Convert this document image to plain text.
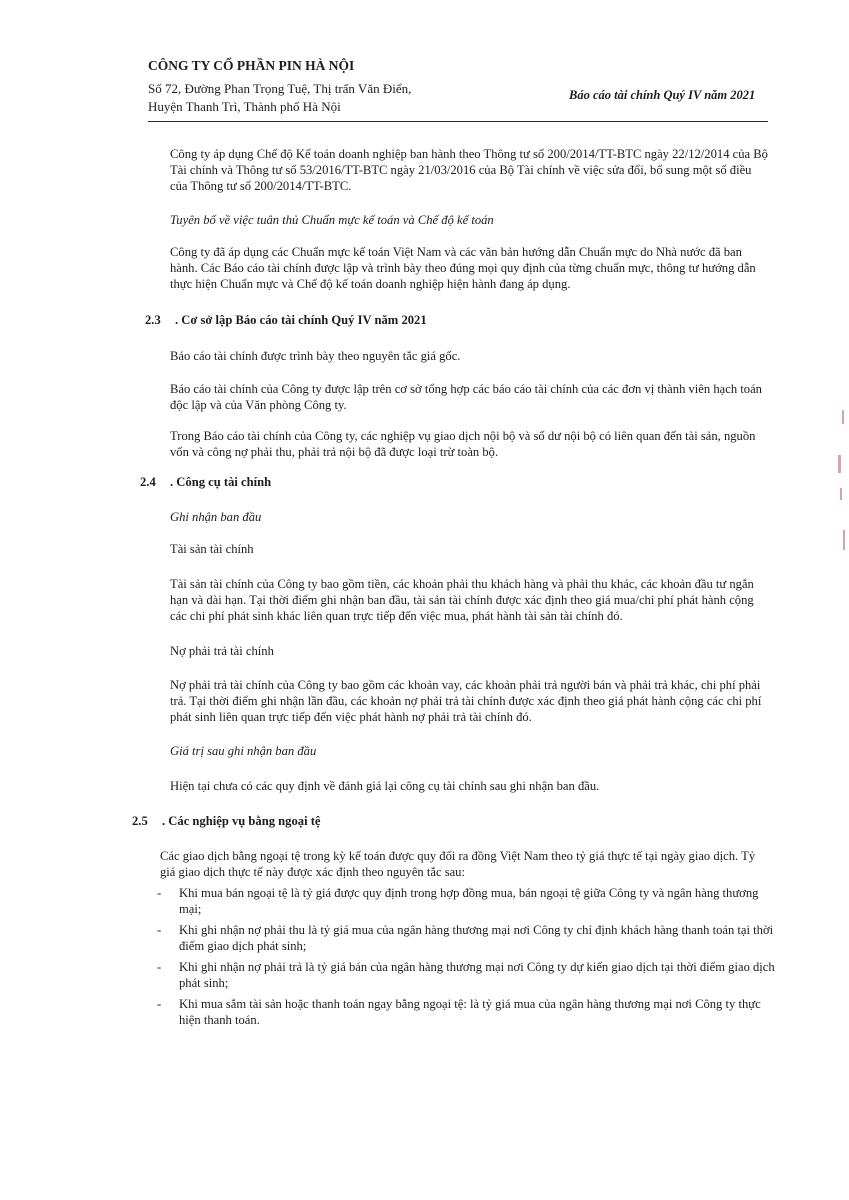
CÔNG TY CỔ PHẦN PIN HÀ NỘI
Số 72, Đường Phan Trọng Tuệ, Thị trấn Văn Điển,	Báo cáo tài chính Quý IV năm 2021
Huyện Thanh Trì, Thành phố Hà Nội
Công ty áp dụng Chế độ Kế toán doanh nghiệp ban hành theo Thông tư số 200/2014/TT-BTC ngày 22/12/2014 của Bộ Tài chính và Thông tư số 53/2016/TT-BTC ngày 21/03/2016 của Bộ Tài chính về việc sửa đổi, bổ sung một số điều của Thông tư số 200/2014/TT-BTC.
Tuyên bố về việc tuân thủ Chuẩn mực kế toán và Chế độ kế toán
Công ty đã áp dụng các Chuẩn mực kế toán Việt Nam và các văn bản hướng dẫn Chuẩn mực do Nhà nước đã ban hành. Các Báo cáo tài chính được lập và trình bày theo đúng mọi quy định của từng chuẩn mực, thông tư hướng dẫn thực hiện Chuẩn mực và Chế độ kế toán doanh nghiệp hiện hành đang áp dụng.
2.3 . Cơ sở lập Báo cáo tài chính Quý IV năm 2021
Báo cáo tài chính được trình bày theo nguyên tắc giá gốc.
Báo cáo tài chính của Công ty được lập trên cơ sở tổng hợp các báo cáo tài chính của các đơn vị thành viên hạch toán độc lập và của Văn phòng Công ty.
Trong Báo cáo tài chính của Công ty, các nghiệp vụ giao dịch nội bộ và số dư nội bộ có liên quan đến tài sản, nguồn vốn và công nợ phải thu, phải trả nội bộ đã được loại trừ toàn bộ.
2.4 . Công cụ tài chính
Ghi nhận ban đầu
Tài sản tài chính
Tài sản tài chính của Công ty bao gồm tiền, các khoản phải thu khách hàng và phải thu khác, các khoản đầu tư ngắn hạn và dài hạn. Tại thời điểm ghi nhận ban đầu, tài sản tài chính được xác định theo giá mua/chi phí phát hành cộng các chi phí phát sinh khác liên quan trực tiếp đến việc mua, phát hành tài sản tài chính đó.
Nợ phải trả tài chính
Nợ phải trả tài chính của Công ty bao gồm các khoản vay, các khoản phải trả người bán và phải trả khác, chi phí phải trả. Tại thời điểm ghi nhận lần đầu, các khoản nợ phải trả tài chính được xác định theo giá phát hành cộng các chi phí phát sinh liên quan trực tiếp đến việc phát hành nợ phải trả tài chính đó.
Giá trị sau ghi nhận ban đầu
Hiện tại chưa có các quy định về đánh giá lại công cụ tài chính sau ghi nhận ban đầu.
2.5 . Các nghiệp vụ bằng ngoại tệ
Các giao dịch bằng ngoại tệ trong kỳ kế toán được quy đổi ra đồng Việt Nam theo tỷ giá thực tế tại ngày giao dịch. Tỷ giá giao dịch thực tế này được xác định theo nguyên tắc sau:
- Khi mua bán ngoại tệ là tỷ giá được quy định trong hợp đồng mua, bán ngoại tệ giữa Công ty và ngân hàng thương mại;
- Khi ghi nhận nợ phải thu là tỷ giá mua của ngân hàng thương mại nơi Công ty chỉ định khách hàng thanh toán tại thời điểm giao dịch phát sinh;
- Khi ghi nhận nợ phải trả là tỷ giá bán của ngân hàng thương mại nơi Công ty dự kiến giao dịch tại thời điểm giao dịch phát sinh;
- Khi mua sắm tài sản hoặc thanh toán ngay bằng ngoại tệ: là tỷ giá mua của ngân hàng thương mại nơi Công ty thực hiện thanh toán.
